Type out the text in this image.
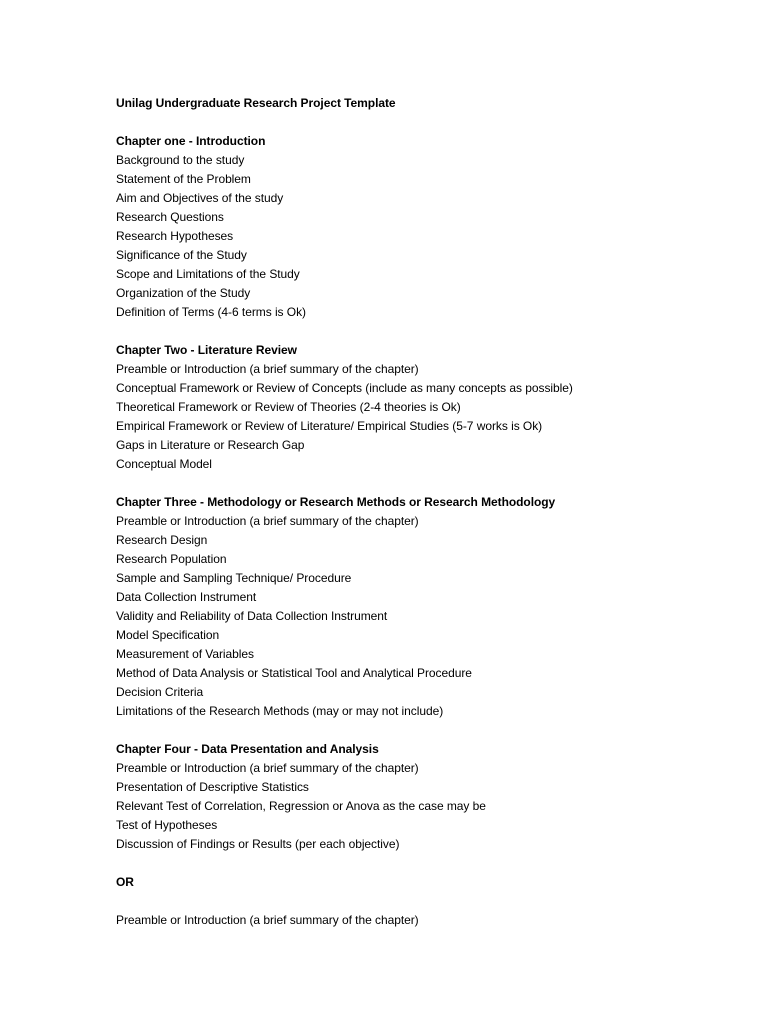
Unilag Undergraduate Research Project Template
Chapter one - Introduction
Background to the study
Statement of the Problem
Aim and Objectives of the study
Research Questions
Research Hypotheses
Significance of the Study
Scope and Limitations of the Study
Organization of the Study
Definition of Terms (4-6 terms is Ok)
Chapter Two - Literature Review
Preamble or Introduction (a brief summary of the chapter)
Conceptual Framework or Review of Concepts (include as many concepts as possible)
Theoretical Framework or Review of Theories (2-4 theories is Ok)
Empirical Framework or Review of Literature/ Empirical Studies (5-7 works is Ok)
Gaps in Literature or Research Gap
Conceptual Model
Chapter Three - Methodology or Research Methods or Research Methodology
Preamble or Introduction (a brief summary of the chapter)
Research Design
Research Population
Sample and Sampling Technique/ Procedure
Data Collection Instrument
Validity and Reliability of Data Collection Instrument
Model Specification
Measurement of Variables
Method of Data Analysis or Statistical Tool and Analytical Procedure
Decision Criteria
Limitations of the Research Methods (may or may not include)
Chapter Four - Data Presentation and Analysis
Preamble or Introduction (a brief summary of the chapter)
Presentation of Descriptive Statistics
Relevant Test of Correlation, Regression or Anova as the case may be
Test of Hypotheses
Discussion of Findings or Results (per each objective)
OR
Preamble or Introduction (a brief summary of the chapter)
